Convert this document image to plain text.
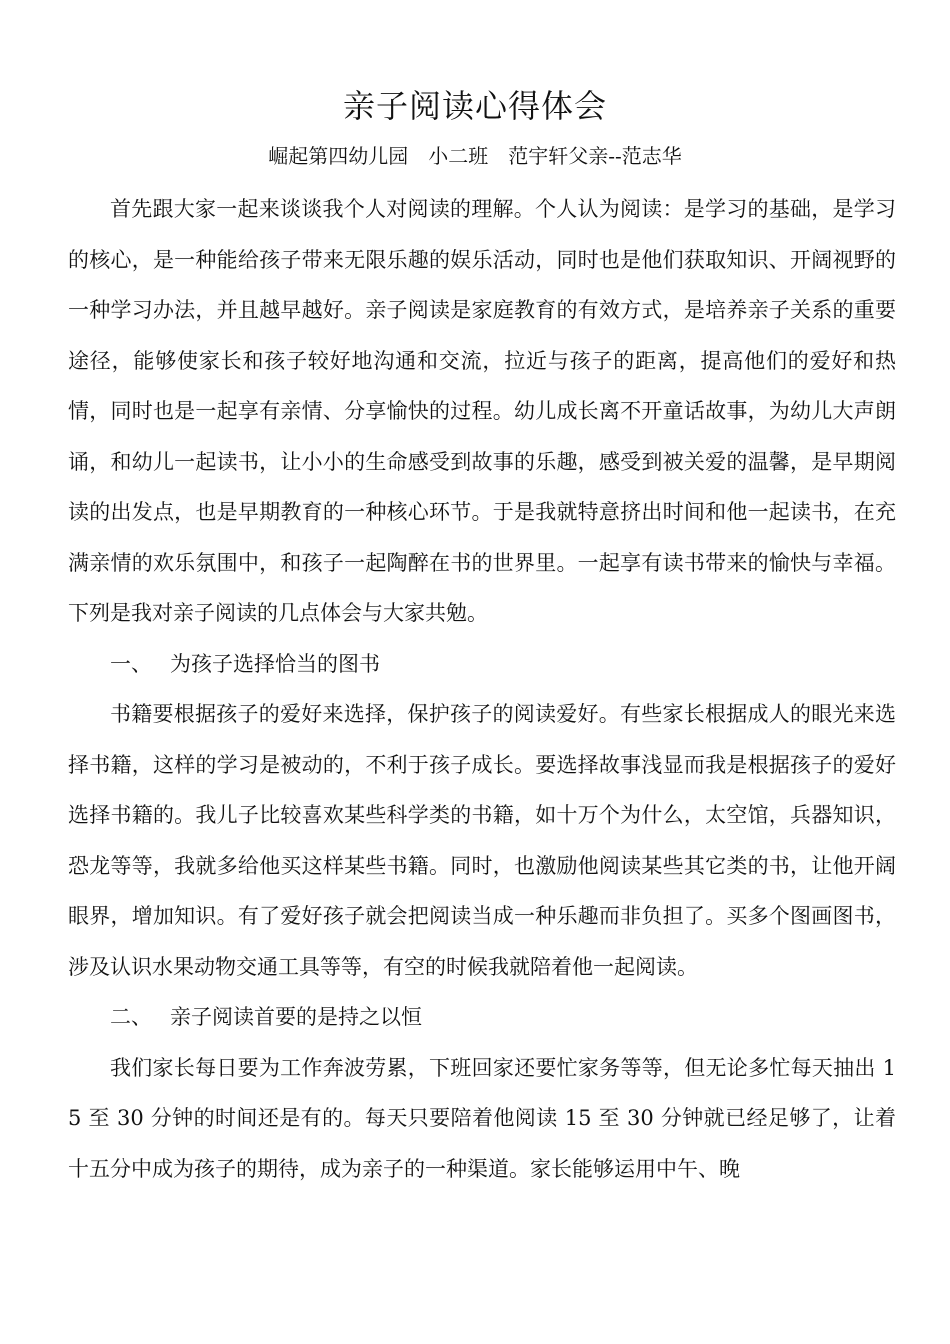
亲子阅读心得体会
崛起第四幼儿园　小二班　范宇轩父亲--范志华

首先跟大家一起来谈谈我个人对阅读的理解。个人认为阅读：是学习的基础，是学习的核心，是一种能给孩子带来无限乐趣的娱乐活动，同时也是他们获取知识、开阔视野的一种学习办法，并且越早越好。亲子阅读是家庭教育的有效方式，是培养亲子关系的重要途径，能够使家长和孩子较好地沟通和交流，拉近与孩子的距离，提高他们的爱好和热情，同时也是一起享有亲情、分享愉快的过程。幼儿成长离不开童话故事，为幼儿大声朗诵，和幼儿一起读书，让小小的生命感受到故事的乐趣，感受到被关爱的温馨，是早期阅读的出发点，也是早期教育的一种核心环节。于是我就特意挤出时间和他一起读书，在充满亲情的欢乐氛围中，和孩子一起陶醉在书的世界里。一起享有读书带来的愉快与幸福。下列是我对亲子阅读的几点体会与大家共勉。

一、 为孩子选择恰当的图书

书籍要根据孩子的爱好来选择，保护孩子的阅读爱好。有些家长根据成人的眼光来选择书籍，这样的学习是被动的，不利于孩子成长。要选择故事浅显而我是根据孩子的爱好选择书籍的。我儿子比较喜欢某些科学类的书籍，如十万个为什么，太空馆，兵器知识，恐龙等等，我就多给他买这样某些书籍。同时，也激励他阅读某些其它类的书，让他开阔眼界，增加知识。有了爱好孩子就会把阅读当成一种乐趣而非负担了。买多个图画图书，涉及认识水果动物交通工具等等，有空的时候我就陪着他一起阅读。

二、 亲子阅读首要的是持之以恒

我们家长每日要为工作奔波劳累，下班回家还要忙家务等等，但无论多忙每天抽出 15 至 30 分钟的时间还是有的。每天只要陪着他阅读 15 至 30 分钟就已经足够了，让着十五分中成为孩子的期待，成为亲子的一种渠道。家长能够运用中午、晚
